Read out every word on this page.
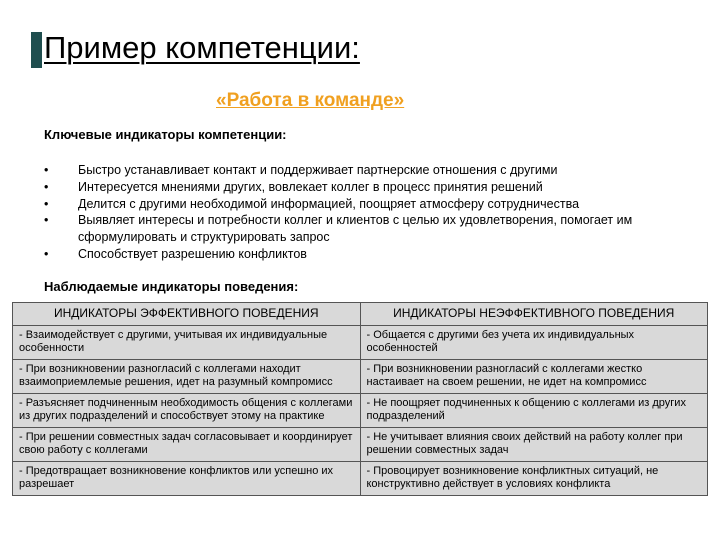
Пример компетенции:
«Работа в команде»
Ключевые индикаторы компетенции:
• Быстро устанавливает контакт и поддерживает партнерские отношения с другими
• Интересуется мнениями других, вовлекает коллег в процесс принятия решений
• Делится с другими необходимой информацией, поощряет атмосферу сотрудничества
• Выявляет интересы и потребности коллег и клиентов с целью их удовлетворения, помогает им сформулировать и структурировать запрос
• Способствует разрешению конфликтов
Наблюдаемые индикаторы поведения:
ИНДИКАТОРЫ ЭФФЕКТИВНОГО ПОВЕДЕНИЯ	ИНДИКАТОРЫ НЕЭФФЕКТИВНОГО ПОВЕДЕНИЯ
- Взаимодействует с другими, учитывая их индивидуальные особенности	- Общается с другими без учета их индивидуальных особенностей
- При возникновении разногласий с коллегами находит взаимоприемлемые решения, идет на разумный компромисс	- При возникновении разногласий с коллегами жестко настаивает на своем решении, не идет на компромисс
- Разъясняет подчиненным необходимость общения с коллегами из других подразделений и способствует этому на практике	- Не поощряет подчиненных к общению с коллегами из других подразделений
- При решении совместных задач согласовывает и координирует свою работу с коллегами	- Не учитывает влияния своих действий на работу коллег при решении совместных задач
- Предотвращает возникновение конфликтов или успешно их разрешает	- Провоцирует возникновение конфликтных ситуаций, не конструктивно действует в условиях конфликта
